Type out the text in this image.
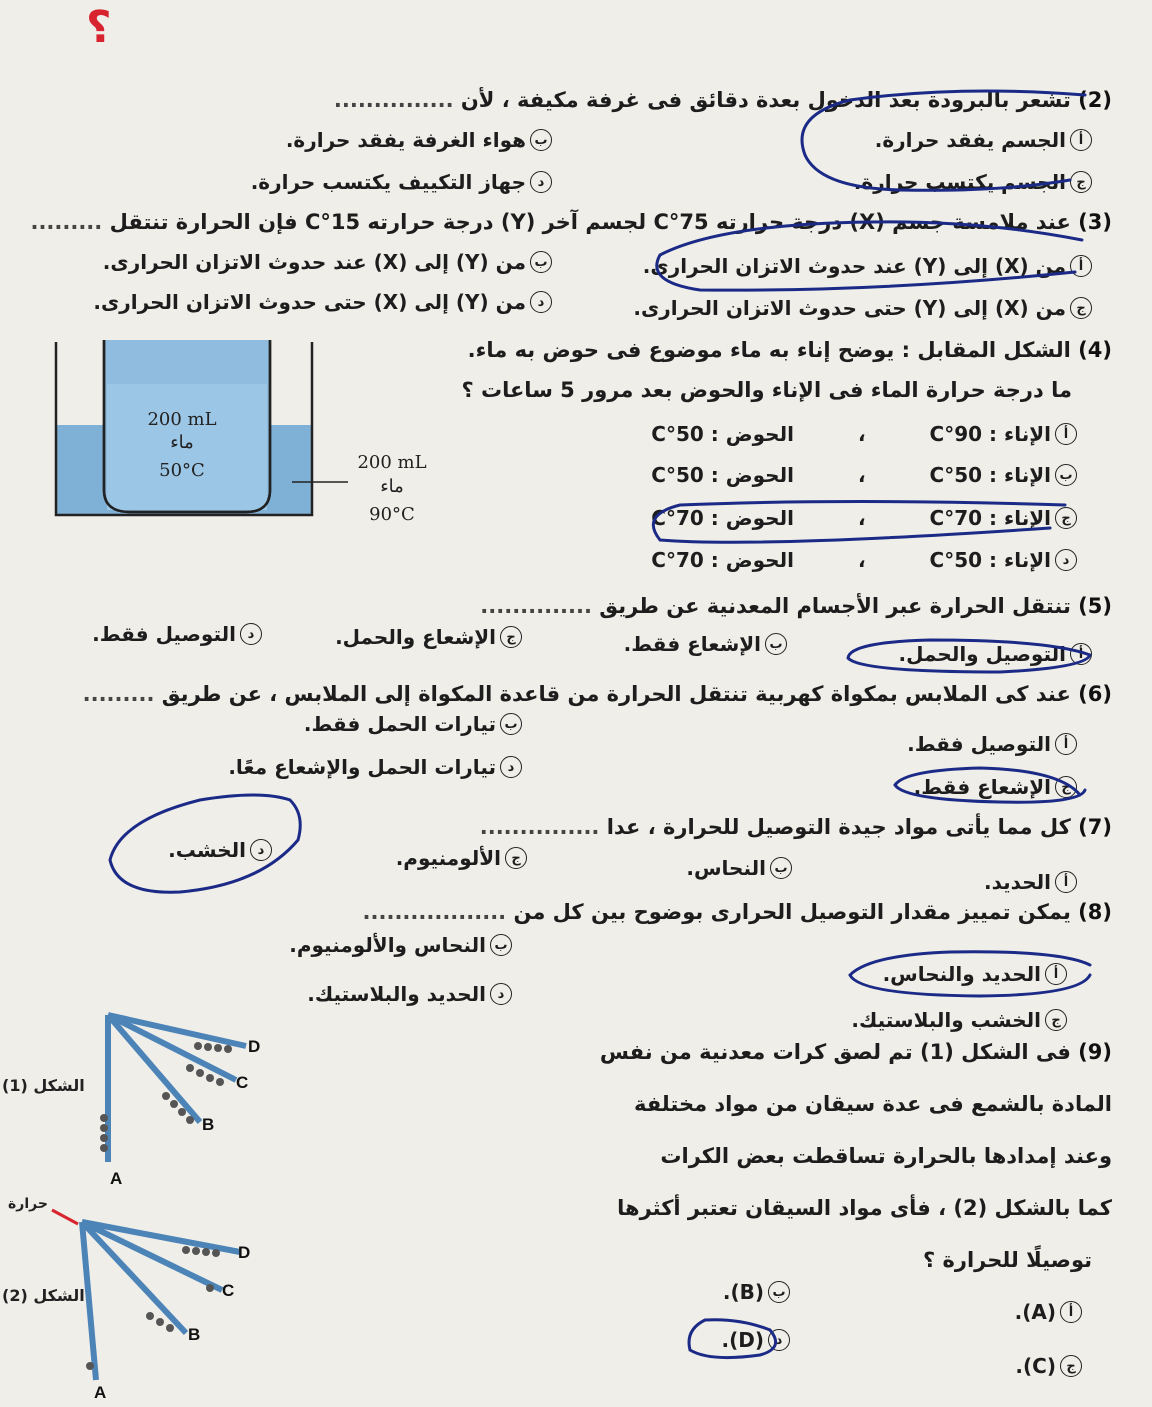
؟
(2) تشعر بالبرودة بعد الدخول بعدة دقائق فى غرفة مكيفة ، لأن ...............
أ
الجسم يفقد حرارة.
ب
هواء الغرفة يفقد حرارة.
ج
الجسم يكتسب حرارة.
د
جهاز التكييف يكتسب حرارة.
(3) عند ملامسة جسم (X) درجة حرارته 75°C لجسم آخر (Y) درجة حرارته 15°C فإن الحرارة تنتقل .........
أ
من (X) إلى (Y) عند حدوث الاتزان الحرارى.
ب
من (Y) إلى (X) عند حدوث الاتزان الحرارى.
ج
من (X) إلى (Y) حتى حدوث الاتزان الحرارى.
د
من (Y) إلى (X) حتى حدوث الاتزان الحرارى.
(4) الشكل المقابل : يوضح إناء به ماء موضوع فى حوض به ماء.
ما درجة حرارة الماء فى الإناء والحوض بعد مرور 5 ساعات ؟
أ
الإناء : 90°C
،
الحوض : 50°C
ب
الإناء : 50°C
،
الحوض : 50°C
ج
الإناء : 70°C
،
الحوض : 70°C
د
الإناء : 50°C
،
الحوض : 70°C
(5) تنتقل الحرارة عبر الأجسام المعدنية عن طريق ..............
أ
التوصيل والحمل.
ب
الإشعاع فقط.
ج
الإشعاع والحمل.
د
التوصيل فقط.
(6) عند كى الملابس بمكواة كهربية تنتقل الحرارة من قاعدة المكواة إلى الملابس ، عن طريق .........
أ
التوصيل فقط.
ب
تيارات الحمل فقط.
ج
الإشعاع فقط.
د
تيارات الحمل والإشعاع معًا.
(7) كل مما يأتى مواد جيدة التوصيل للحرارة ، عدا ...............
أ
الحديد.
ب
النحاس.
ج
الألومنيوم.
د
الخشب.
(8) يمكن تمييز مقدار التوصيل الحرارى بوضوح بين كل من ..................
أ
الحديد والنحاس.
ب
النحاس والألومنيوم.
ج
الخشب والبلاستيك.
د
الحديد والبلاستيك.
(9) فى الشكل (1) تم لصق كرات معدنية من نفس
المادة بالشمع فى عدة سيقان من مواد مختلفة
وعند إمدادها بالحرارة تساقطت بعض الكرات
كما بالشكل (2) ، فأى مواد السيقان تعتبر أكثرها
توصيلًا للحرارة ؟
أ
(A).
ب
(B).
ج
(C).
د
(D).
الشكل (1)
الشكل (2)
حرارة
200 mL
ماء
50°C	200 mL
ماء
90°C
D
C
B
A
D
C
B
A
